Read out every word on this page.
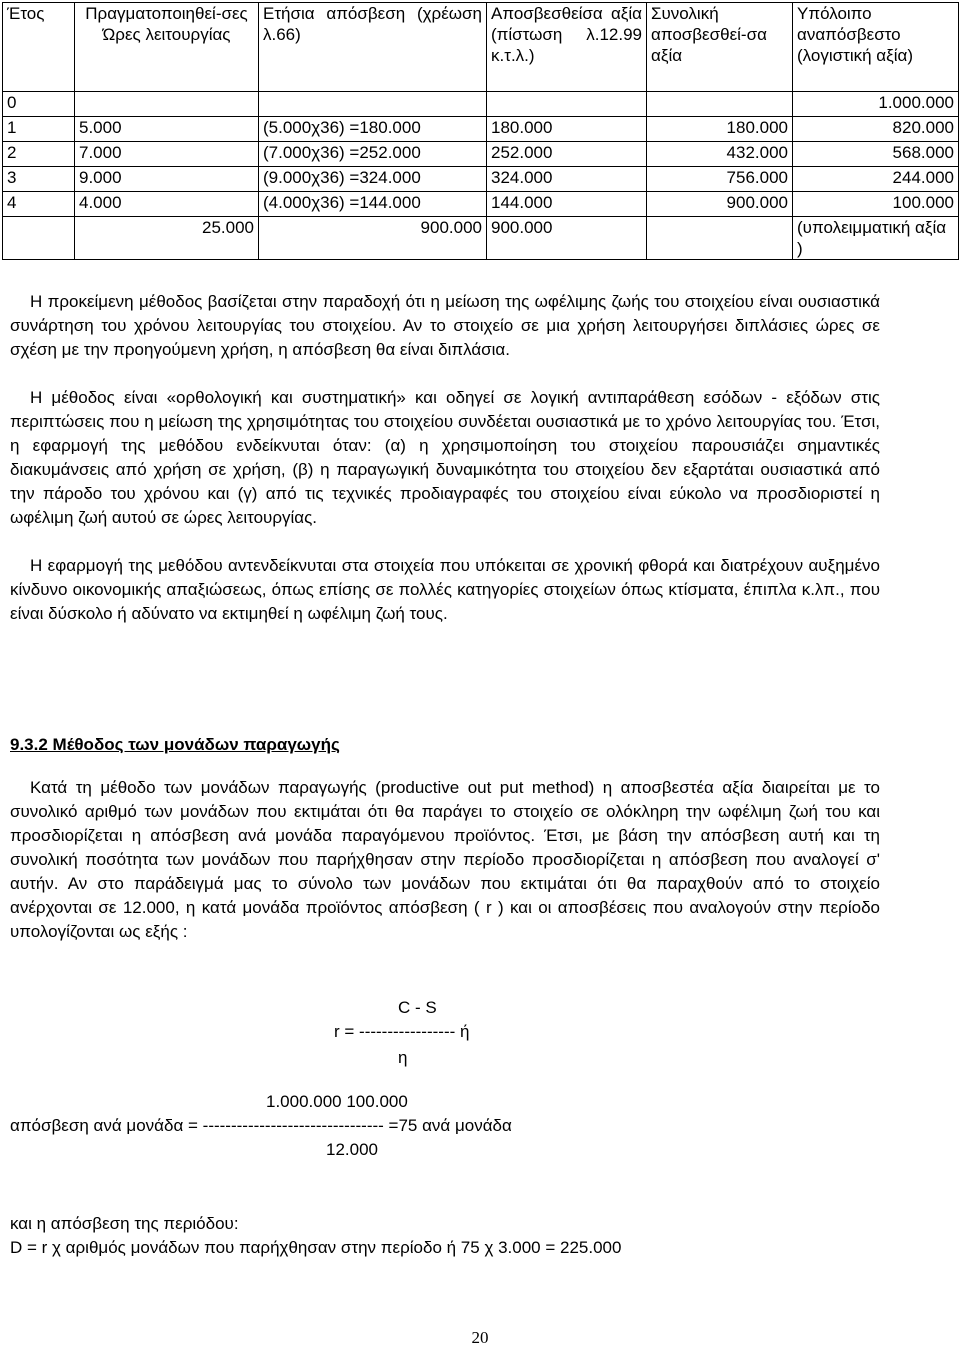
Έτος	Πραγματοποιηθεί-σες Ώρες λειτουργίας	Ετήσια απόσβεση (χρέωση λ.66)	Αποσβεσθείσα αξία (πίστωση λ.12.99 κ.τ.λ.)	Συνολική αποσβεσθεί-σα αξία	Υπόλοιπο αναπόσβεστο (λογιστική αξία)
0					1.000.000
1	5.000	(5.000χ36) =180.000	180.000	180.000	820.000
2	7.000	(7.000χ36) =252.000	252.000	432.000	568.000
3	9.000	(9.000χ36) =324.000	324.000	756.000	244.000
4	4.000	(4.000χ36) =144.000	144.000	900.000	100.000
	25.000	900.000	900.000		(υπολειμματική αξία )

Η προκείμενη μέθοδος βασίζεται στην παραδοχή ότι η μείωση της ωφέλιμης ζωής του στοιχείου είναι ουσιαστικά συνάρτηση του χρόνου λειτουργίας του στοιχείου. Αν το στοιχείο σε μια χρήση λειτουργήσει διπλάσιες ώρες σε σχέση με την προηγούμενη χρήση, η απόσβεση θα είναι διπλάσια.

Η μέθοδος είναι «ορθολογική και συστηματική» και οδηγεί σε λογική αντιπαράθεση εσόδων - εξόδων στις περιπτώσεις που η μείωση της χρησιμότητας του στοιχείου συνδέεται ουσιαστικά με το χρόνο λειτουργίας του. Έτσι, η εφαρμογή της μεθόδου ενδείκνυται όταν: (α) η χρησιμοποίηση του στοιχείου παρουσιάζει σημαντικές διακυμάνσεις από χρήση σε χρήση, (β) η παραγωγική δυναμικότητα του στοιχείου δεν εξαρτάται ουσιαστικά από την πάροδο του χρόνου και (γ) από τις τεχνικές προδιαγραφές του στοιχείου είναι εύκολο να προσδιοριστεί η ωφέλιμη ζωή αυτού σε ώρες λειτουργίας.

Η εφαρμογή της μεθόδου αντενδείκνυται στα στοιχεία που υπόκειται σε χρονική φθορά και διατρέχουν αυξημένο κίνδυνο οικονομικής απαξιώσεως, όπως επίσης σε πολλές κατηγορίες στοιχείων όπως κτίσματα, έπιπλα κ.λπ., που είναι δύσκολο ή αδύνατο να εκτιμηθεί η ωφέλιμη ζωή τους.

9.3.2 Μέθοδος των μονάδων παραγωγής

Κατά τη μέθοδο των μονάδων παραγωγής (productive out put method) η αποσβεστέα αξία διαιρείται με το συνολικό αριθμό των μονάδων που εκτιμάται ότι θα παράγει το στοιχείο σε ολόκληρη την ωφέλιμη ζωή του και προσδιορίζεται η απόσβεση ανά μονάδα παραγόμενου προϊόντος. Έτσι, με βάση την απόσβεση αυτή και τη συνολική ποσότητα των μονάδων που παρήχθησαν στην περίοδο προσδιορίζεται η απόσβεση που αναλογεί σ' αυτήν. Αν στο παράδειγμά μας το σύνολο των μονάδων που εκτιμάται ότι θα παραχθούν από το στοιχείο ανέρχονται σε 12.000, η κατά μονάδα προϊόντος απόσβεση ( r ) και οι αποσβέσεις που αναλογούν στην περίοδο υπολογίζονται ως εξής :

C - S
r = ----------------- ή
η
1.000.000 100.000
απόσβεση ανά μονάδα = -------------------------------- =75 ανά μονάδα
12.000
και η απόσβεση της περιόδου:
D = r χ αριθμός μονάδων που παρήχθησαν στην περίοδο ή 75 χ 3.000 = 225.000
20
